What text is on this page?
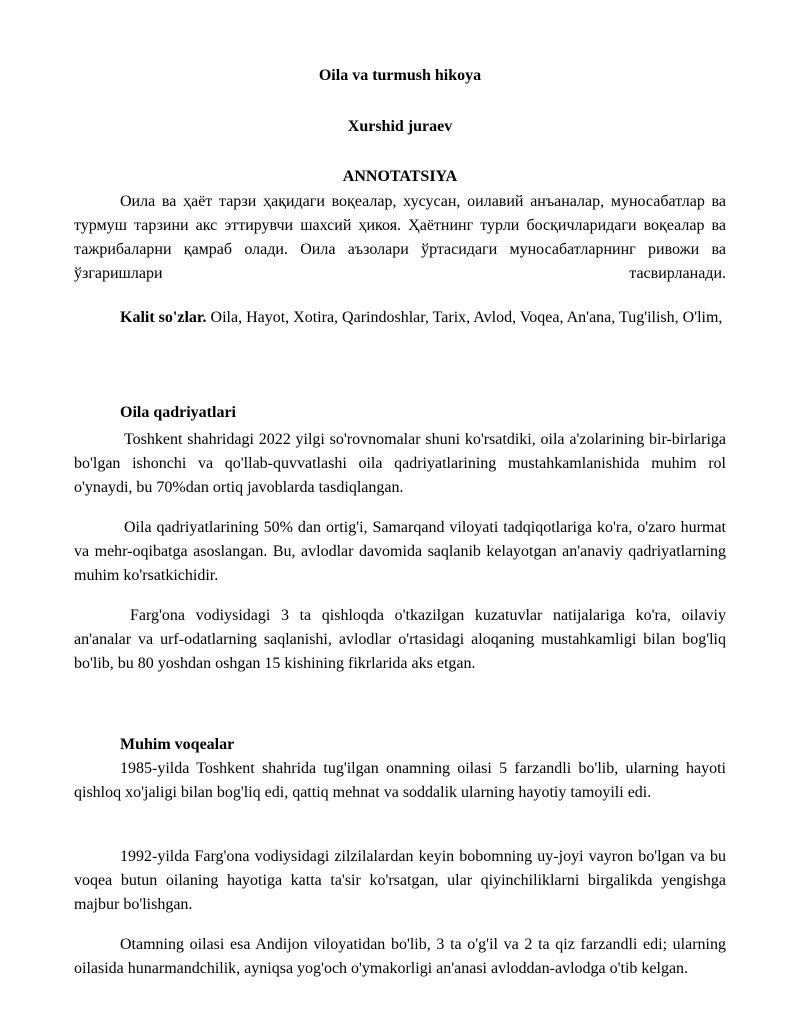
Oila va turmush hikoya

Xurshid juraev

ANNOTATSIYA

Оила ва ҳаёт тарзи ҳақидаги воқеалар, хусусан, оилавий анъаналар, муносабатлар ва турмуш тарзини акс эттирувчи шахсий ҳикоя. Ҳаётнинг турли босқичларидаги воқеалар ва тажрибаларни қамраб олади. Оила аъзолари ўртасидаги муносабатларнинг ривожи ва ўзгаришлари тасвирланади.

Kalit so'zlar. Oila, Hayot, Xotira, Qarindoshlar, Tarix, Avlod, Voqea, An'ana, Tug'ilish, O'lim,

Oila qadriyatlari

Toshkent shahridagi 2022 yilgi so'rovnomalar shuni ko'rsatdiki, oila a'zolarining bir-birlariga bo'lgan ishonchi va qo'llab-quvvatlashi oila qadriyatlarining mustahkamlanishida muhim rol o'ynaydi, bu 70%dan ortiq javoblarda tasdiqlangan.

Oila qadriyatlarining 50% dan ortig'i, Samarqand viloyati tadqiqotlariga ko'ra, o'zaro hurmat va mehr-oqibatga asoslangan. Bu, avlodlar davomida saqlanib kelayotgan an'anaviy qadriyatlarning muhim ko'rsatkichidir.

Farg'ona vodiysidagi 3 ta qishloqda o'tkazilgan kuzatuvlar natijalariga ko'ra, oilaviy an'analar va urf-odatlarning saqlanishi, avlodlar o'rtasidagi aloqaning mustahkamligi bilan bog'liq bo'lib, bu 80 yoshdan oshgan 15 kishining fikrlarida aks etgan.

Muhim voqealar

1985-yilda Toshkent shahrida tug'ilgan onamning oilasi 5 farzandli bo'lib, ularning hayoti qishloq xo'jaligi bilan bog'liq edi, qattiq mehnat va soddalik ularning hayotiy tamoyili edi.

1992-yilda Farg'ona vodiysidagi zilzilalardan keyin bobomning uy-joyi vayron bo'lgan va bu voqea butun oilaning hayotiga katta ta'sir ko'rsatgan, ular qiyinchiliklarni birgalikda yengishga majbur bo'lishgan.

Otamning oilasi esa Andijon viloyatidan bo'lib, 3 ta o'g'il va 2 ta qiz farzandli edi; ularning oilasida hunarmandchilik, ayniqsa yog'och o'ymakorligi an'anasi avloddan-avlodga o'tib kelgan.
